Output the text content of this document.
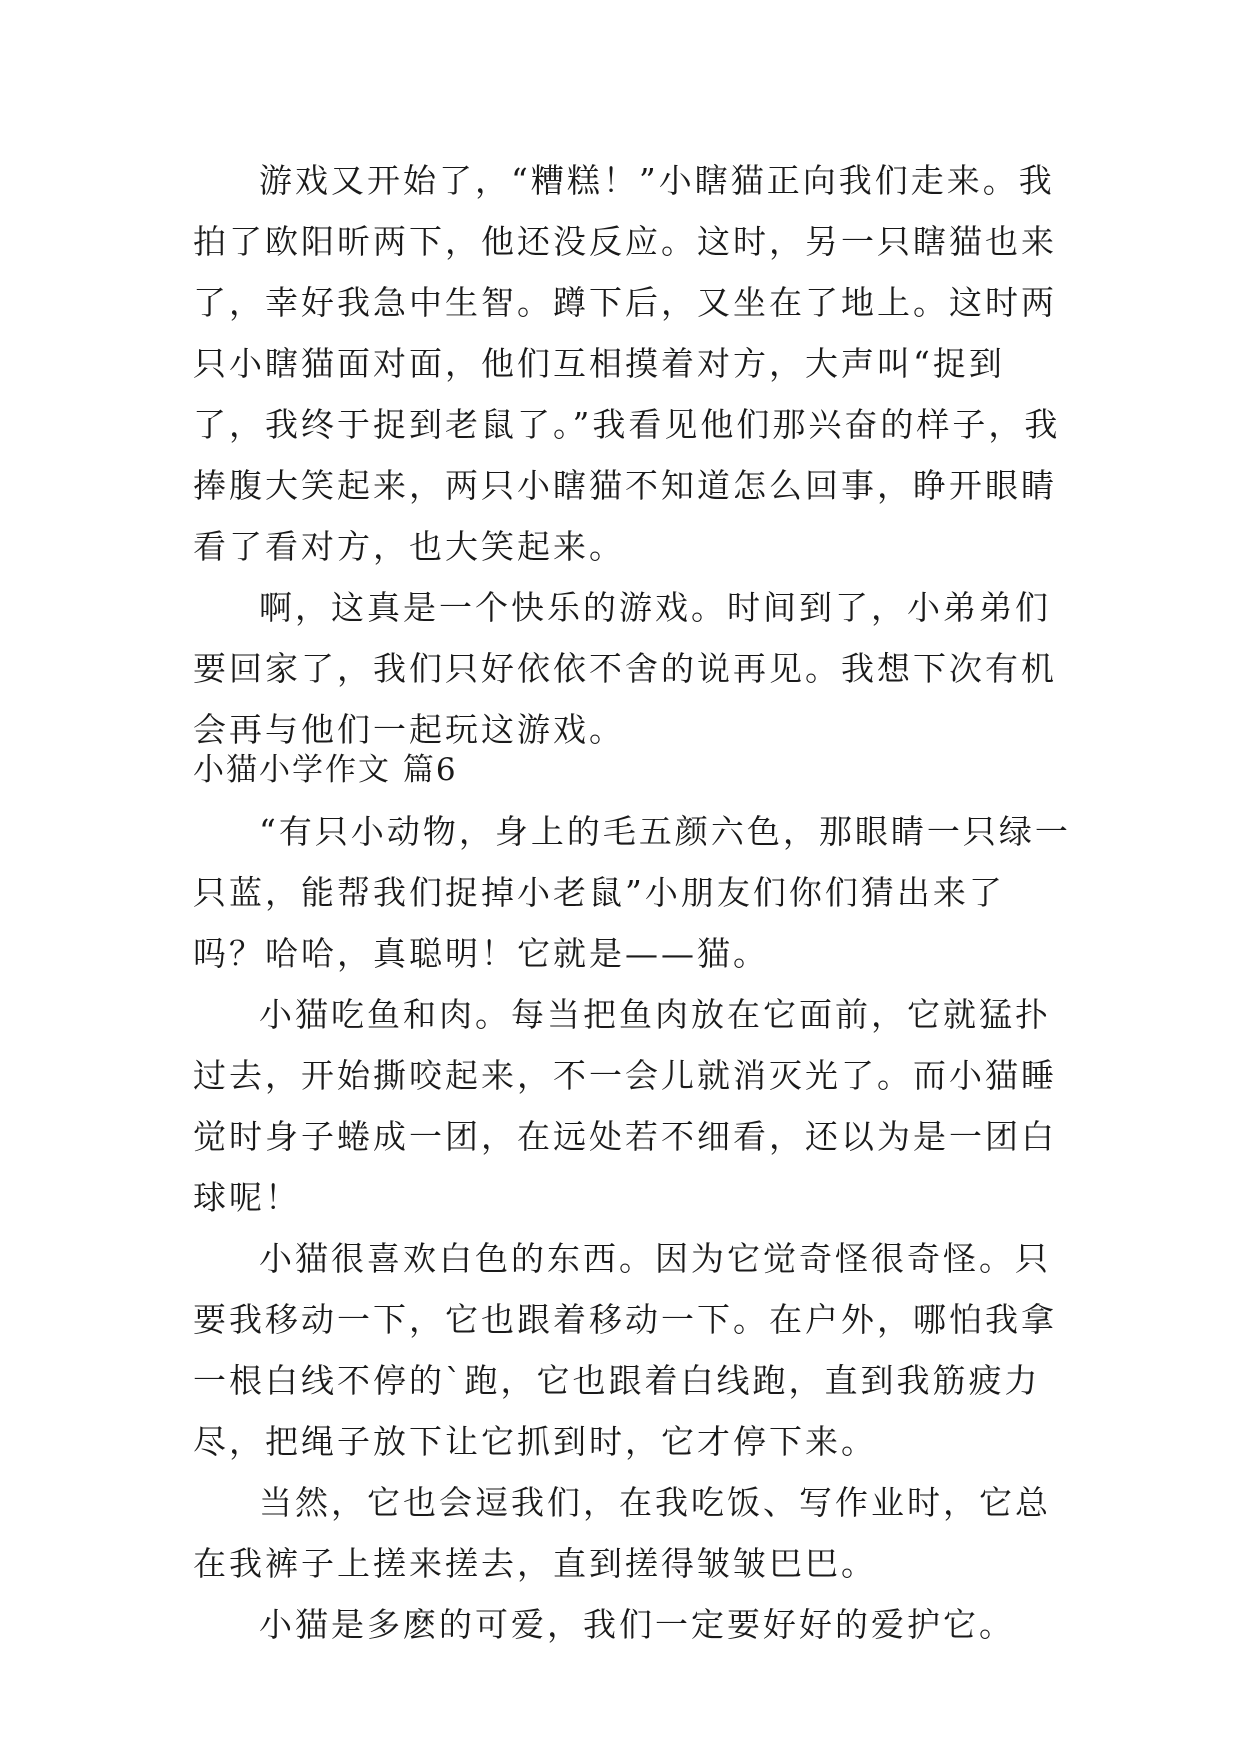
游戏又开始了，“糟糕！”小瞎猫正向我们走来。我拍了欧阳昕两下，他还没反应。这时，另一只瞎猫也来了，幸好我急中生智。蹲下后，又坐在了地上。这时两只小瞎猫面对面，他们互相摸着对方，大声叫“捉到了，我终于捉到老鼠了。”我看见他们那兴奋的样子，我捧腹大笑起来，两只小瞎猫不知道怎么回事，睁开眼睛看了看对方，也大笑起来。

啊，这真是一个快乐的游戏。时间到了，小弟弟们要回家了，我们只好依依不舍的说再见。我想下次有机会再与他们一起玩这游戏。

小猫小学作文 篇6

“有只小动物，身上的毛五颜六色，那眼睛一只绿一只蓝，能帮我们捉掉小老鼠”小朋友们你们猜出来了吗？哈哈，真聪明！它就是——猫。

小猫吃鱼和肉。每当把鱼肉放在它面前，它就猛扑过去，开始撕咬起来，不一会儿就消灭光了。而小猫睡觉时身子蜷成一团，在远处若不细看，还以为是一团白球呢！

小猫很喜欢白色的东西。因为它觉奇怪很奇怪。只要我移动一下，它也跟着移动一下。在户外，哪怕我拿一根白线不停的`跑，它也跟着白线跑，直到我筋疲力尽，把绳子放下让它抓到时，它才停下来。

当然，它也会逗我们，在我吃饭、写作业时，它总在我裤子上搓来搓去，直到搓得皱皱巴巴。

小猫是多麽的可爱，我们一定要好好的爱护它。
